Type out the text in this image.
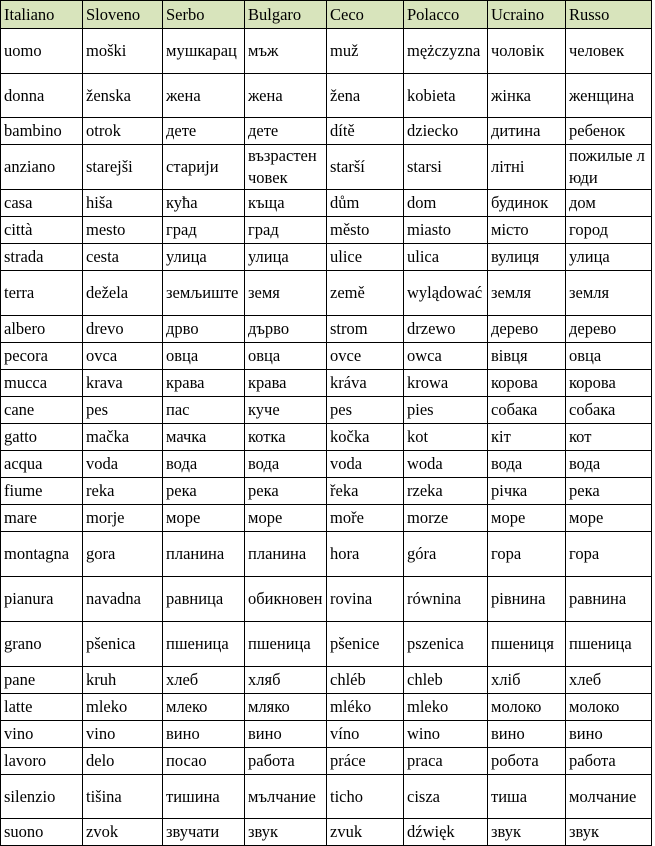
Italiano	Sloveno	Serbo	Bulgaro	Ceco	Polacco	Ucraino	Russo
uomo	moški	мушкарац	мъж	muž	mężczyzna	чоловік	человек
donna	ženska	жена	жена	žena	kobieta	жінка	женщина
bambino	otrok	дете	дете	dítě	dziecko	дитина	ребенок
anziano	starejši	старији	възрастен човек	starší	starsi	літні	пожилые люди
casa	hiša	кућа	къща	dům	dom	будинок	дом
città	mesto	град	град	město	miasto	місто	город
strada	cesta	улица	улица	ulice	ulica	вулиця	улица
terra	dežela	земљиште	земя	země	wylądować	земля	земля
albero	drevo	дрво	дърво	strom	drzewo	дерево	дерево
pecora	ovca	овца	овца	ovce	owca	вівця	овца
mucca	krava	крава	крава	kráva	krowa	корова	корова
cane	pes	пас	куче	pes	pies	собака	собака
gatto	mačka	мачка	котка	kočka	kot	кіт	кот
acqua	voda	вода	вода	voda	woda	вода	вода
fiume	reka	река	река	řeka	rzeka	річка	река
mare	morje	море	море	moře	morze	море	море
montagna	gora	планина	планина	hora	góra	гора	гора
pianura	navadna	равница	обикновен	rovina	równina	рівнина	равнина
grano	pšenica	пшеница	пшеница	pšenice	pszenica	пшениця	пшеница
pane	kruh	хлеб	хляб	chléb	chleb	хліб	хлеб
latte	mleko	млеко	мляко	mléko	mleko	молоко	молоко
vino	vino	вино	вино	víno	wino	вино	вино
lavoro	delo	посао	работа	práce	praca	робота	работа
silenzio	tišina	тишина	мълчание	ticho	cisza	тиша	молчание
suono	zvok	звучати	звук	zvuk	dźwięk	звук	звук
